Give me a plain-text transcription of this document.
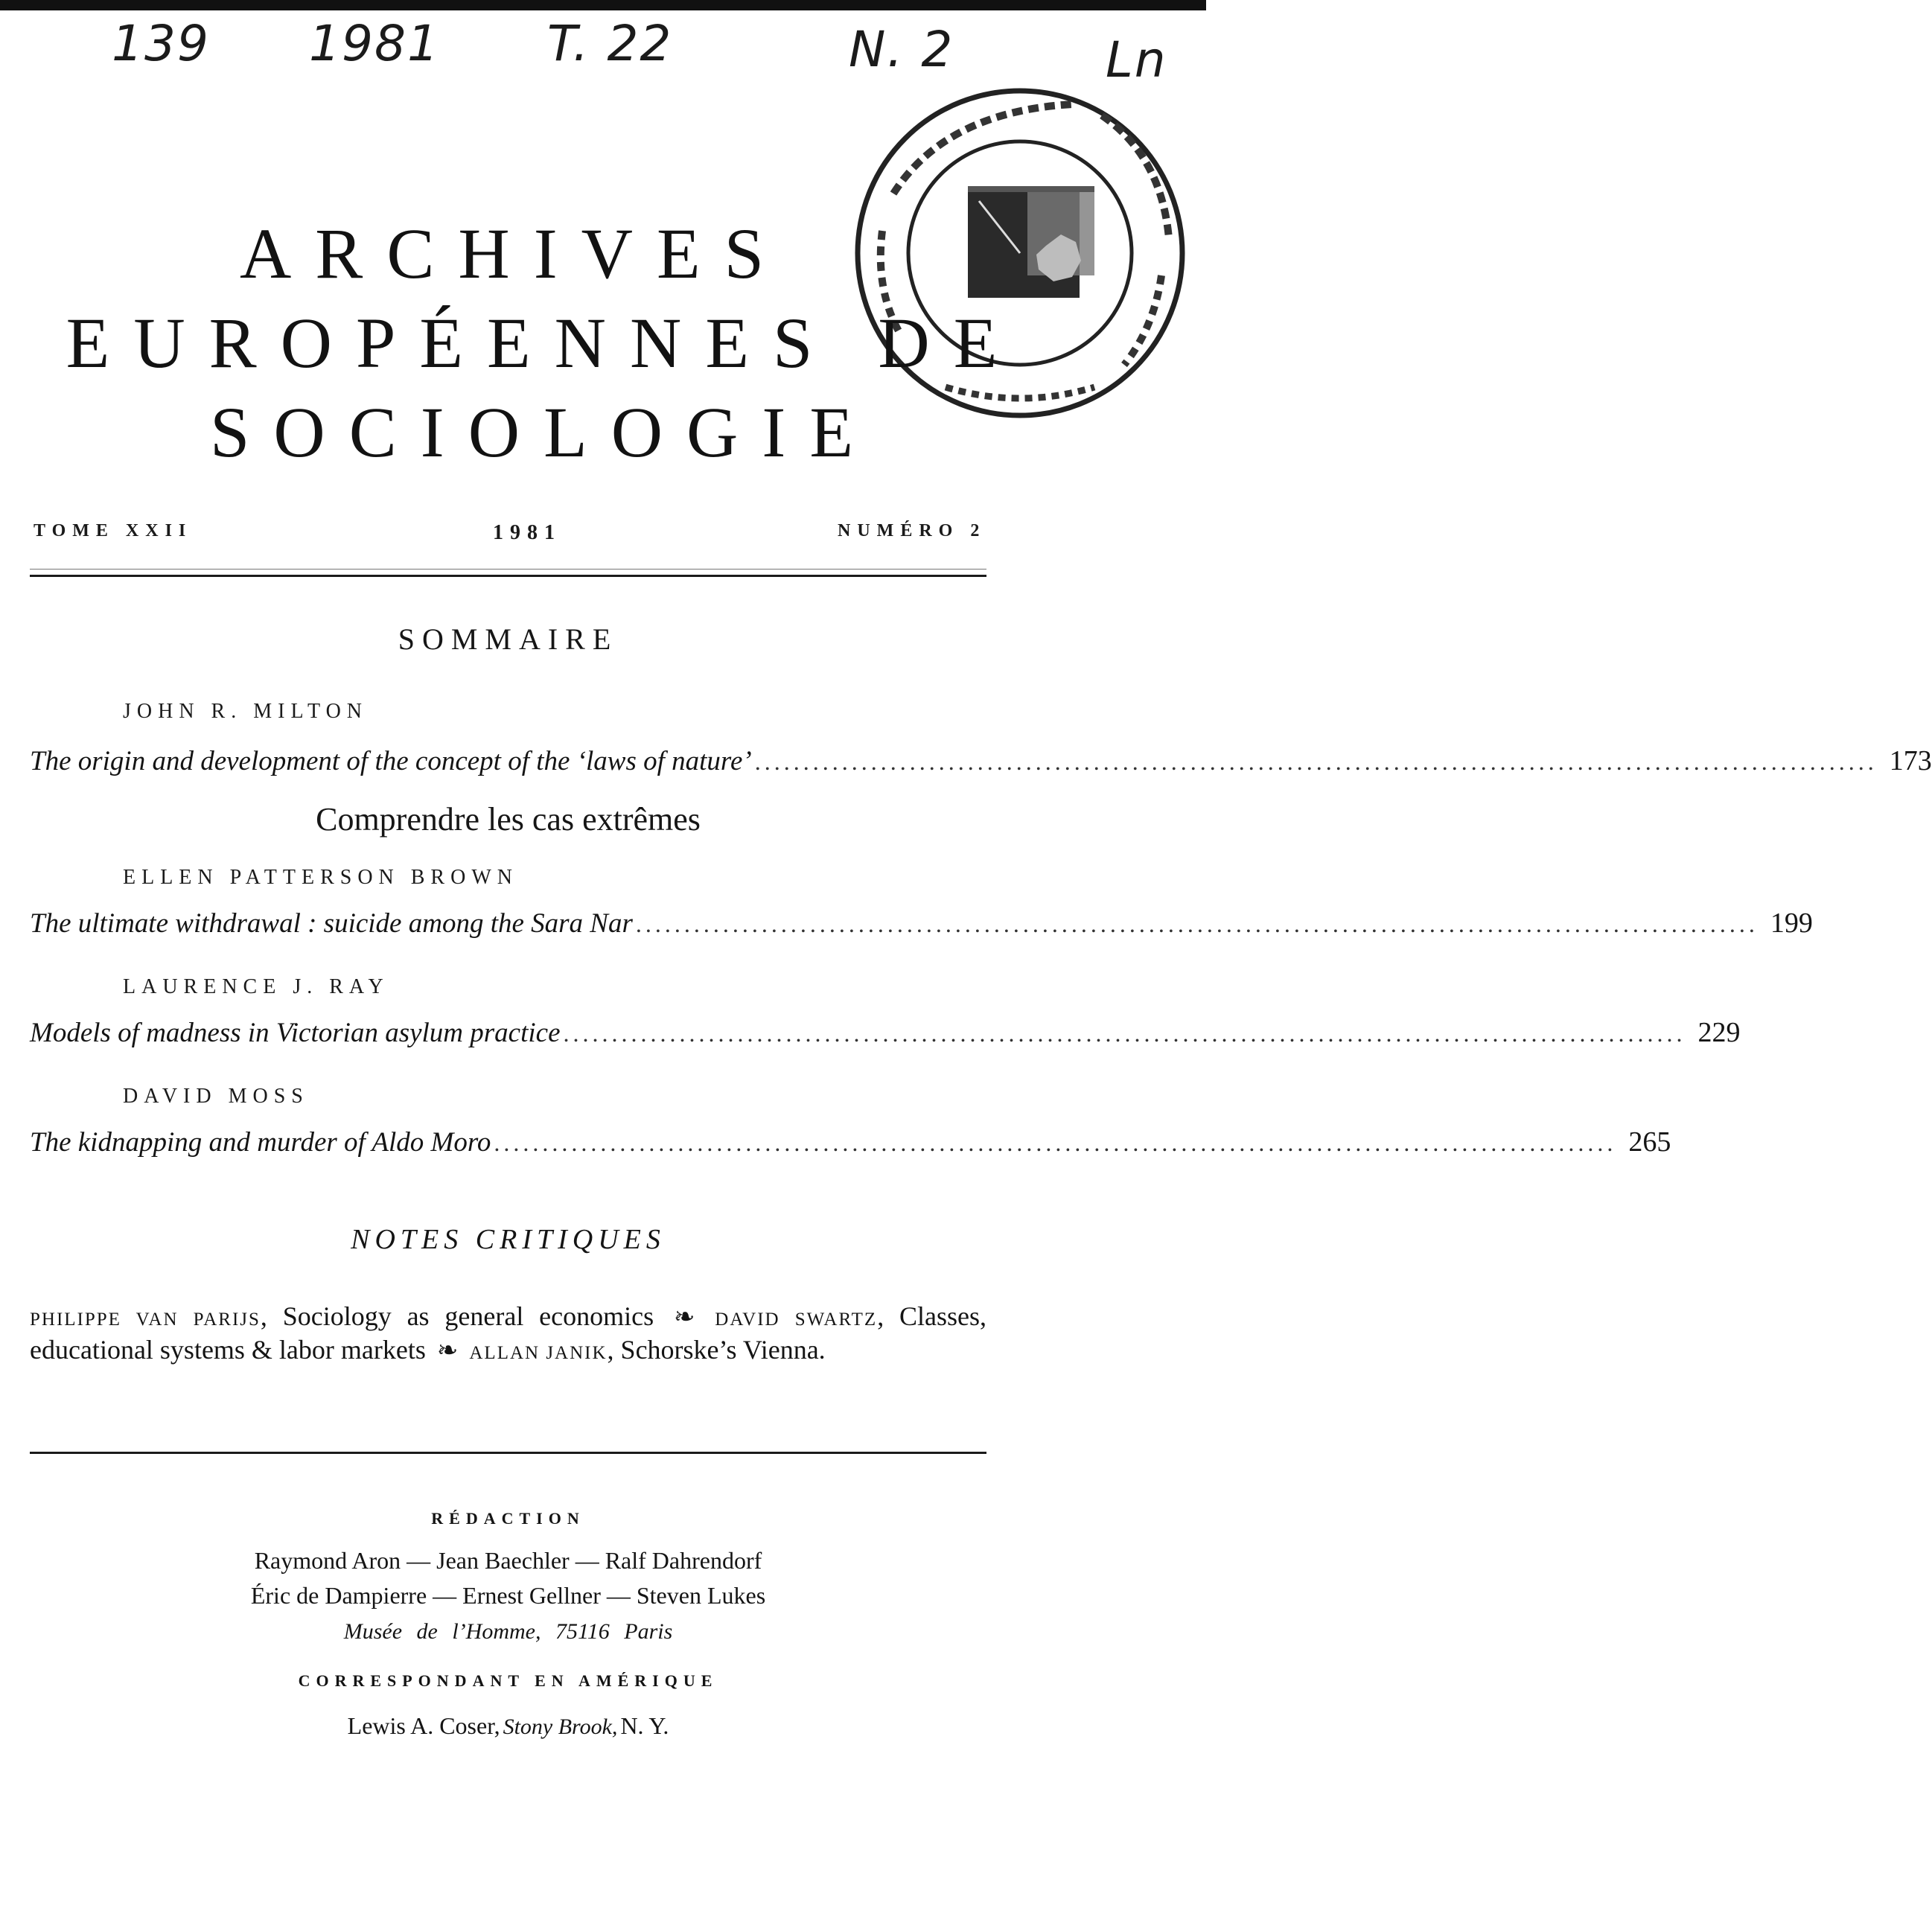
139 1981 T. 22	N. 2	Ln
ARCHIVES
EUROPÉENNES DE
SOCIOLOGIE
TOME XXII	1981	NUMÉRO 2
SOMMAIRE
JOHN R. MILTON
The origin and development of the concept of the ‘laws of nature’ .................................................................................................................... 173
Comprendre les cas extrêmes
ELLEN PATTERSON BROWN
The ultimate withdrawal : suicide among the Sara Nar .................................................................................................................... 199
LAURENCE J. RAY
Models of madness in Victorian asylum practice .................................................................................................................... 229
DAVID MOSS
The kidnapping and murder of Aldo Moro .................................................................................................................... 265
NOTES CRITIQUES
PHILIPPE VAN PARIJS, Sociology as general economics ❧ DAVID SWARTZ, Classes, educational systems & labor markets ❧ ALLAN JANIK, Schorske’s Vienna.
RÉDACTION
Raymond Aron — Jean Baechler — Ralf Dahrendorf
Éric de Dampierre — Ernest Gellner — Steven Lukes
Musée de l’Homme, 75116 Paris
CORRESPONDANT EN AMÉRIQUE
Lewis A. Coser, Stony Brook, N. Y.
